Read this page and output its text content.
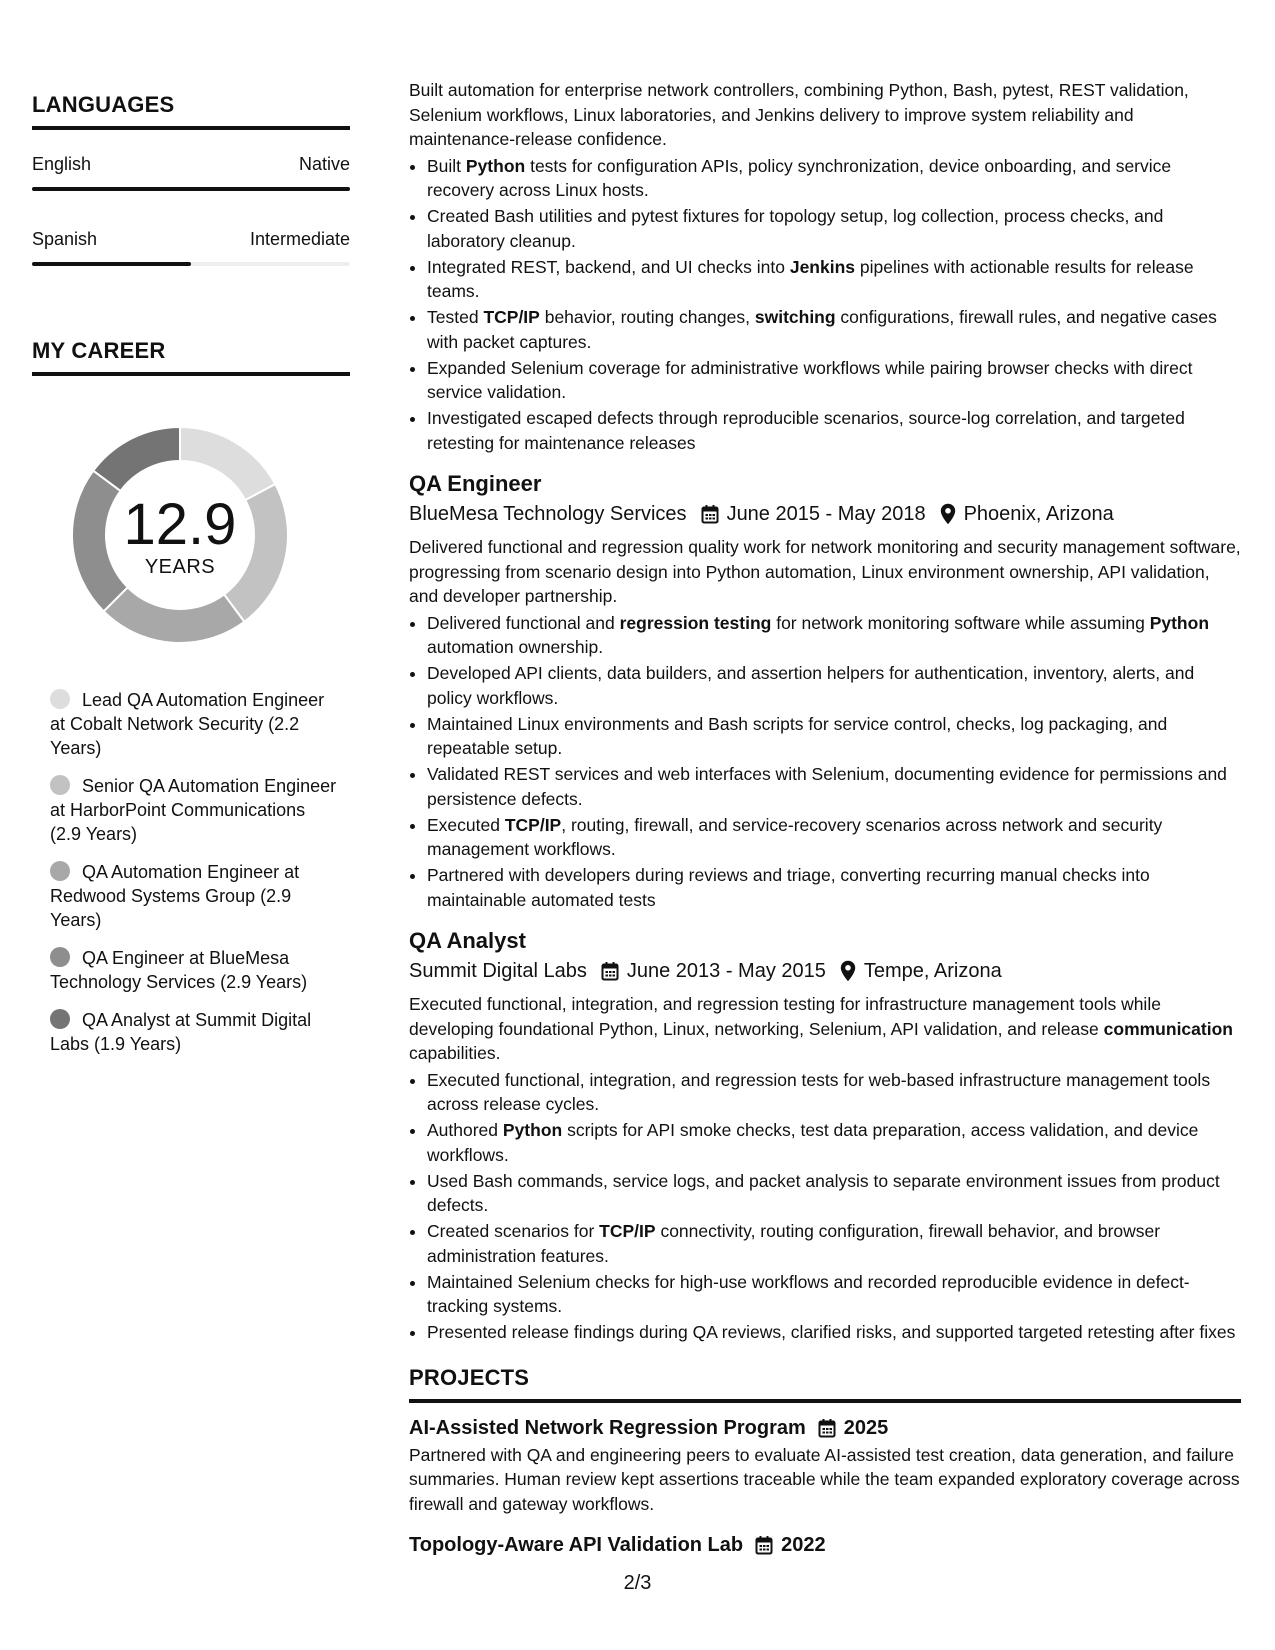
LANGUAGES
English	Native
Spanish	Intermediate
MY CAREER
12.9
YEARS
Lead QA Automation Engineer at Cobalt Network Security (2.2 Years)
Senior QA Automation Engineer at HarborPoint Communications (2.9 Years)
QA Automation Engineer at Redwood Systems Group (2.9 Years)
QA Engineer at BlueMesa Technology Services (2.9 Years)
QA Analyst at Summit Digital Labs (1.9 Years)

Built automation for enterprise network controllers, combining Python, Bash, pytest, REST validation, Selenium workflows, Linux laboratories, and Jenkins delivery to improve system reliability and maintenance-release confidence.

• Built Python tests for configuration APIs, policy synchronization, device onboarding, and service recovery across Linux hosts.
• Created Bash utilities and pytest fixtures for topology setup, log collection, process checks, and laboratory cleanup.
• Integrated REST, backend, and UI checks into Jenkins pipelines with actionable results for release teams.
• Tested TCP/IP behavior, routing changes, switching configurations, firewall rules, and negative cases with packet captures.
• Expanded Selenium coverage for administrative workflows while pairing browser checks with direct service validation.
• Investigated escaped defects through reproducible scenarios, source-log correlation, and targeted retesting for maintenance releases
QA Engineer
BlueMesa Technology Services June 2015 - May 2018 Phoenix, Arizona

Delivered functional and regression quality work for network monitoring and security management software, progressing from scenario design into Python automation, Linux environment ownership, API validation, and developer partnership.

• Delivered functional and regression testing for network monitoring software while assuming Python automation ownership.
• Developed API clients, data builders, and assertion helpers for authentication, inventory, alerts, and policy workflows.
• Maintained Linux environments and Bash scripts for service control, checks, log packaging, and repeatable setup.
• Validated REST services and web interfaces with Selenium, documenting evidence for permissions and persistence defects.
• Executed TCP/IP, routing, firewall, and service-recovery scenarios across network and security management workflows.
• Partnered with developers during reviews and triage, converting recurring manual checks into maintainable automated tests
QA Analyst
Summit Digital Labs June 2013 - May 2015 Tempe, Arizona

Executed functional, integration, and regression testing for infrastructure management tools while developing foundational Python, Linux, networking, Selenium, API validation, and release communication capabilities.

• Executed functional, integration, and regression tests for web-based infrastructure management tools across release cycles.
• Authored Python scripts for API smoke checks, test data preparation, access validation, and device workflows.
• Used Bash commands, service logs, and packet analysis to separate environment issues from product defects.
• Created scenarios for TCP/IP connectivity, routing configuration, firewall behavior, and browser administration features.
• Maintained Selenium checks for high-use workflows and recorded reproducible evidence in defect-tracking systems.
• Presented release findings during QA reviews, clarified risks, and supported targeted retesting after fixes
PROJECTS
AI-Assisted Network Regression Program 2025

Partnered with QA and engineering peers to evaluate AI-assisted test creation, data generation, and failure summaries. Human review kept assertions traceable while the team expanded exploratory coverage across firewall and gateway workflows.

Topology-Aware API Validation Lab 2022
2/3
